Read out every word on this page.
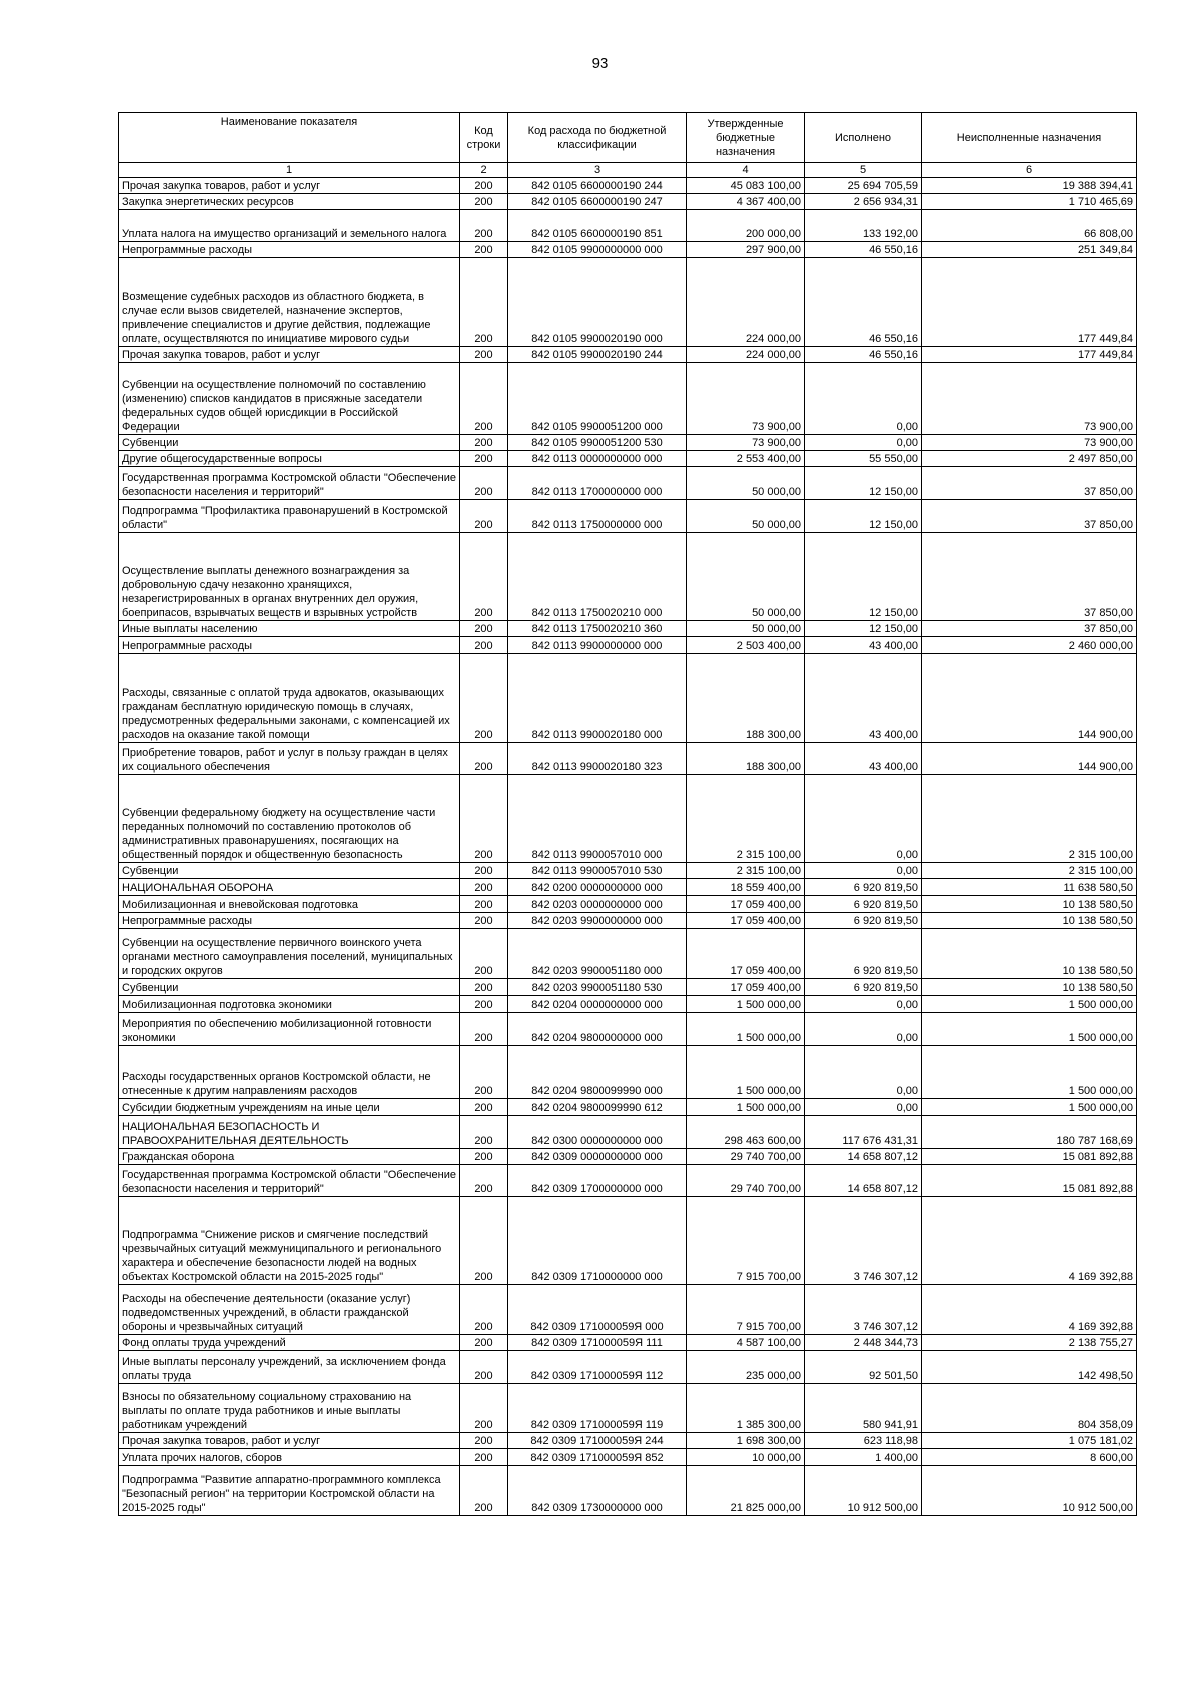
93
Наименование показателя	Код строки	Код расхода по бюджетной классификации	Утвержденные бюджетные назначения	Исполнено	Неисполненные назначения
1	2	3	4	5	6
Прочая закупка товаров, работ и услуг	200	842 0105 6600000190 244	45 083 100,00	25 694 705,59	19 388 394,41
Закупка энергетических ресурсов	200	842 0105 6600000190 247	4 367 400,00	2 656 934,31	1 710 465,69
Уплата налога на имущество организаций и земельного налога	200	842 0105 6600000190 851	200 000,00	133 192,00	66 808,00
Непрограммные расходы	200	842 0105 9900000000 000	297 900,00	46 550,16	251 349,84
Возмещение судебных расходов из областного бюджета, в случае если вызов свидетелей, назначение экспертов, привлечение специалистов и другие действия, подлежащие оплате, осуществляются по инициативе мирового судьи	200	842 0105 9900020190 000	224 000,00	46 550,16	177 449,84
Прочая закупка товаров, работ и услуг	200	842 0105 9900020190 244	224 000,00	46 550,16	177 449,84
Субвенции на осуществление полномочий по составлению (изменению) списков кандидатов в присяжные заседатели федеральных судов общей юрисдикции в Российской Федерации	200	842 0105 9900051200 000	73 900,00	0,00	73 900,00
Субвенции	200	842 0105 9900051200 530	73 900,00	0,00	73 900,00
Другие общегосударственные вопросы	200	842 0113 0000000000 000	2 553 400,00	55 550,00	2 497 850,00
Государственная программа Костромской области "Обеспечение безопасности населения и территорий"	200	842 0113 1700000000 000	50 000,00	12 150,00	37 850,00
Подпрограмма "Профилактика правонарушений в Костромской области"	200	842 0113 1750000000 000	50 000,00	12 150,00	37 850,00
Осуществление выплаты денежного вознаграждения за добровольную сдачу незаконно хранящихся, незарегистрированных в органах внутренних дел оружия, боеприпасов, взрывчатых веществ и взрывных устройств	200	842 0113 1750020210 000	50 000,00	12 150,00	37 850,00
Иные выплаты населению	200	842 0113 1750020210 360	50 000,00	12 150,00	37 850,00
Непрограммные расходы	200	842 0113 9900000000 000	2 503 400,00	43 400,00	2 460 000,00
Расходы, связанные с оплатой труда адвокатов, оказывающих гражданам бесплатную юридическую помощь в случаях, предусмотренных федеральными законами, с компенсацией их расходов на оказание такой помощи	200	842 0113 9900020180 000	188 300,00	43 400,00	144 900,00
Приобретение товаров, работ и услуг в пользу граждан в целях их социального обеспечения	200	842 0113 9900020180 323	188 300,00	43 400,00	144 900,00
Субвенции федеральному бюджету на осуществление части переданных полномочий по составлению протоколов об административных правонарушениях, посягающих на общественный порядок и общественную безопасность	200	842 0113 9900057010 000	2 315 100,00	0,00	2 315 100,00
Субвенции	200	842 0113 9900057010 530	2 315 100,00	0,00	2 315 100,00
НАЦИОНАЛЬНАЯ ОБОРОНА	200	842 0200 0000000000 000	18 559 400,00	6 920 819,50	11 638 580,50
Мобилизационная и вневойсковая подготовка	200	842 0203 0000000000 000	17 059 400,00	6 920 819,50	10 138 580,50
Непрограммные расходы	200	842 0203 9900000000 000	17 059 400,00	6 920 819,50	10 138 580,50
Субвенции на осуществление первичного воинского учета органами местного самоуправления поселений, муниципальных и городских округов	200	842 0203 9900051180 000	17 059 400,00	6 920 819,50	10 138 580,50
Субвенции	200	842 0203 9900051180 530	17 059 400,00	6 920 819,50	10 138 580,50
Мобилизационная подготовка экономики	200	842 0204 0000000000 000	1 500 000,00	0,00	1 500 000,00
Мероприятия по обеспечению мобилизационной готовности экономики	200	842 0204 9800000000 000	1 500 000,00	0,00	1 500 000,00
Расходы государственных органов Костромской области, не отнесенные к другим направлениям расходов	200	842 0204 9800099990 000	1 500 000,00	0,00	1 500 000,00
Субсидии бюджетным учреждениям на иные цели	200	842 0204 9800099990 612	1 500 000,00	0,00	1 500 000,00
НАЦИОНАЛЬНАЯ БЕЗОПАСНОСТЬ И ПРАВООХРАНИТЕЛЬНАЯ ДЕЯТЕЛЬНОСТЬ	200	842 0300 0000000000 000	298 463 600,00	117 676 431,31	180 787 168,69
Гражданская оборона	200	842 0309 0000000000 000	29 740 700,00	14 658 807,12	15 081 892,88
Государственная программа Костромской области "Обеспечение безопасности населения и территорий"	200	842 0309 1700000000 000	29 740 700,00	14 658 807,12	15 081 892,88
Подпрограмма "Снижение рисков и смягчение последствий чрезвычайных ситуаций межмуниципального и регионального характера и обеспечение безопасности людей на водных объектах Костромской области на 2015-2025 годы"	200	842 0309 1710000000 000	7 915 700,00	3 746 307,12	4 169 392,88
Расходы на обеспечение деятельности (оказание услуг) подведомственных учреждений, в области гражданской обороны и чрезвычайных ситуаций	200	842 0309 171000059Я 000	7 915 700,00	3 746 307,12	4 169 392,88
Фонд оплаты труда учреждений	200	842 0309 171000059Я 111	4 587 100,00	2 448 344,73	2 138 755,27
Иные выплаты персоналу учреждений, за исключением фонда оплаты труда	200	842 0309 171000059Я 112	235 000,00	92 501,50	142 498,50
Взносы по обязательному социальному страхованию на выплаты по оплате труда работников и иные выплаты работникам учреждений	200	842 0309 171000059Я 119	1 385 300,00	580 941,91	804 358,09
Прочая закупка товаров, работ и услуг	200	842 0309 171000059Я 244	1 698 300,00	623 118,98	1 075 181,02
Уплата прочих налогов, сборов	200	842 0309 171000059Я 852	10 000,00	1 400,00	8 600,00
Подпрограмма "Развитие аппаратно-программного комплекса "Безопасный регион" на территории Костромской области на 2015-2025 годы"	200	842 0309 1730000000 000	21 825 000,00	10 912 500,00	10 912 500,00
